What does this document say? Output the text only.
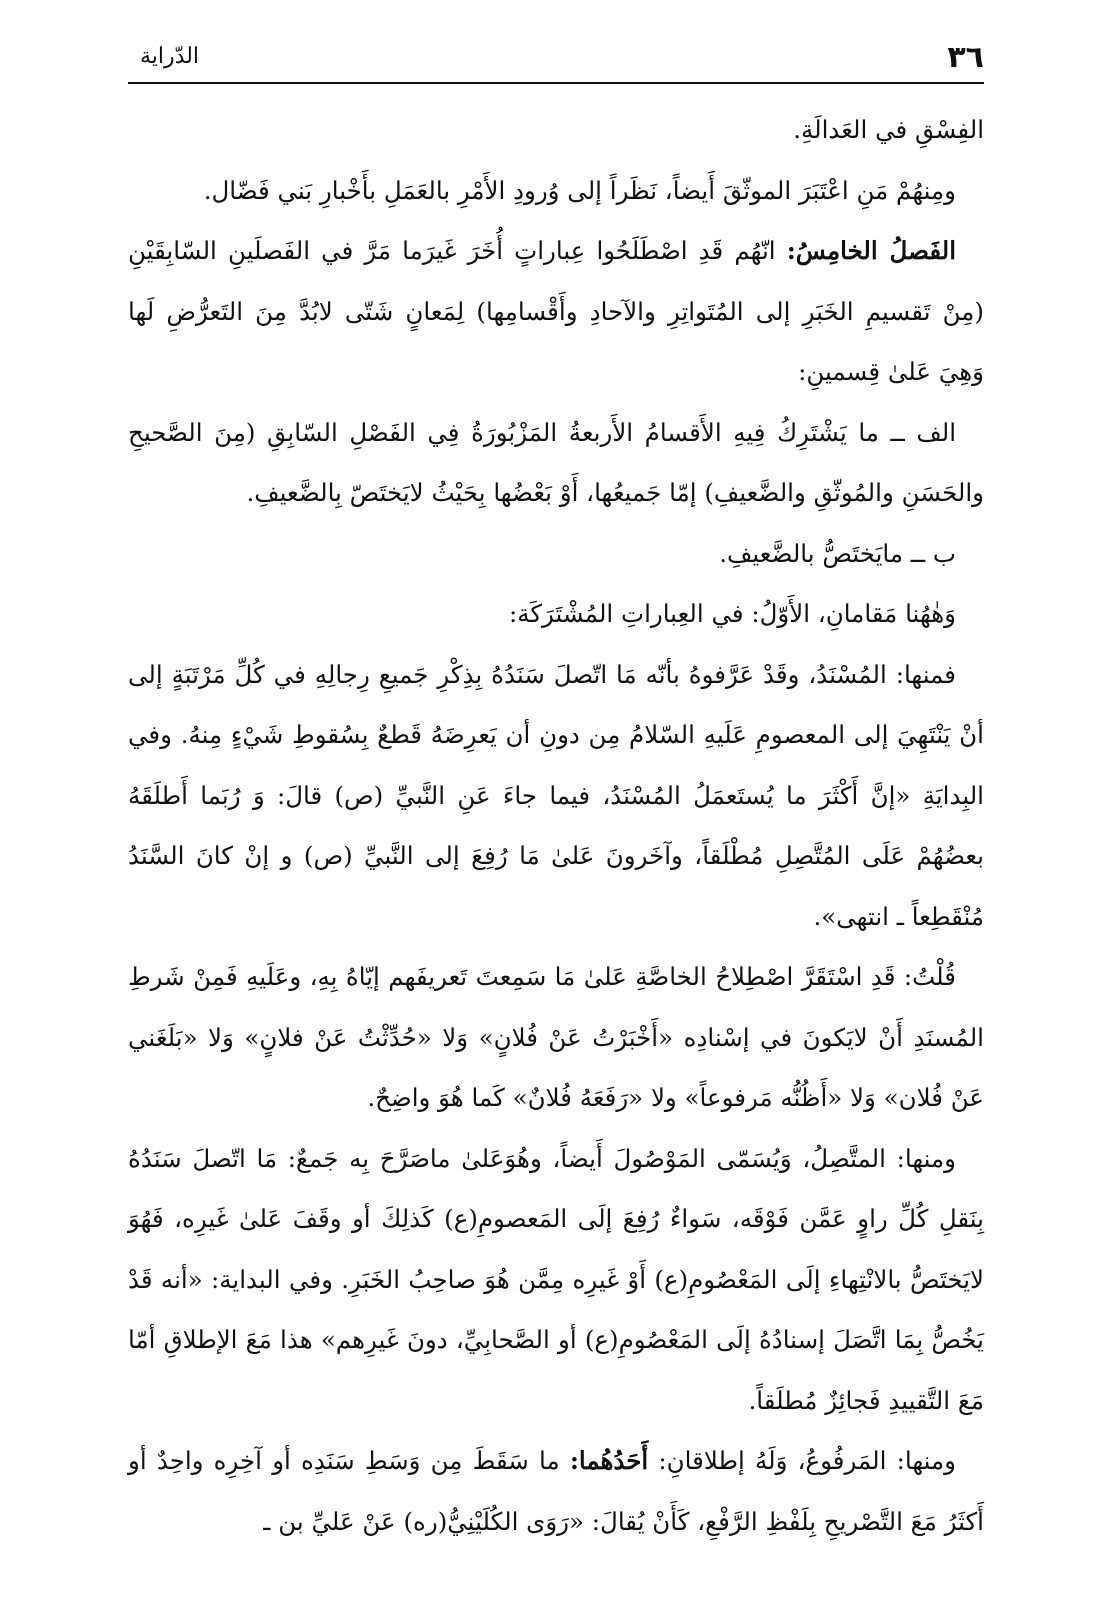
٣٦
الدّراية

الفِسْقِ في العَدالَةِ.

ومِنهُمْ مَنِ اعْتَبَرَ الموثّقَ أَيضاً، نَظَراً إلى وُرودِ الأَمْرِ بالعَمَلِ بأَخْبارِ بَني فَضّال.

الفَصلُ الخامِسُ: انّهُم قَدِ اصْطَلَحُوا عِباراتٍ أُخَرَ غَيرَما مَرَّ في الفَصلَينِ السّابِقَيْنِ (مِنْ تَقسيمِ الخَبَرِ إلى المُتَواتِرِ والآحادِ وأَقْسامِها) لِمَعانٍ شَتّى لابُدَّ مِنَ التَعرُّضِ لَها وَهِيَ عَلىٰ قِسمينِ:

الف ــ ما يَشْتَرِكُ فِيهِ الأَقسامُ الأَربعةُ المَزْبُورَةُ فِي الفَصْلِ السّابِقِ (مِنَ الصَّحيحِ والحَسَنِ والمُوثّقِ والضَّعيفِ) إمّا جَميعُها، أَوْ بَعْضُها بِحَيْثُ لايَختَصّ بِالضَّعيفِ.

ب ــ مايَختَصُّ بالضَّعيفِ.

وَهٰهُنا مَقامانِ، الأَوّلُ: في العِباراتِ المُشْتَرَكَة:

فمنها: المُسْنَدُ، وقَدْ عَرَّفوهُ بأنّه مَا اتّصلَ سَنَدُهُ بِذِكْرِ جَميعِ رِجالِهِ في كُلِّ مَرْتَبَةٍ إلى أنْ يَنْتَهِيَ إلى المعصومِ عَلَيهِ السّلامُ مِن دونِ أن يَعرِضَهُ قَطعٌ بِسُقوطِ شَيْءٍ مِنهُ. وفي البِدايَةِ «إنَّ أَكْثَرَ ما يُستَعمَلُ المُسْنَدُ، فيما جاءَ عَنِ النَّبيِّ (ص) قالَ: وَ رُبَما أَطلَقَهُ بعضُهُمْ عَلَى المُتَّصِلِ مُطْلَقاً، وآخَرونَ عَلىٰ مَا رُفِعَ إلى النَّبيِّ (ص) و إنْ كانَ السَّنَدُ مُنْقَطِعاً ـ انتهى».

قُلْتُ: قَدِ اسْتَقَرَّ اصْطِلاحُ الخاصَّةِ عَلىٰ مَا سَمِعتَ تَعريفَهم إيّاهُ بِهِ، وعَلَيهِ فَمِنْ شَرطِ المُسنَدِ أَنْ لايَكونَ في إسْنادِه «أَخْبَرْتُ عَنْ فُلانٍ» وَلا «حُدِّثْتُ عَنْ فلانٍ» وَلا «بَلَغَني عَنْ فُلان» وَلا «أَظُنُّه مَرفوعاً» ولا «رَفَعَهُ فُلانٌ» كَما هُوَ واضِحٌ.

ومنها: المتَّصِلُ، وَيُسَمّى المَوْصُولَ أَيضاً، وهُوَعَلىٰ ماصَرَّحَ بِه جَمعٌ: مَا اتّصلَ سَنَدُهُ بِنَقلِ كُلِّ راوٍ عَمَّن فَوْقَه، سَواءٌ رُفِعَ إلَى المَعصومِ(ع) كَذلِكَ أو وقَفَ عَلىٰ غَيرِه، فَهُوَ لايَختَصُّ بالانْتِهاءِ إلَى المَعْصُومِ(ع) أَوْ غَيرِه مِمَّن هُوَ صاحِبُ الخَبَرِ. وفي البداية: «أنه قَدْ يَخُصُّ بِمَا اتَّصَلَ إسنادُهُ إلَى المَعْصُومِ(ع) أو الصَّحابِيِّ، دونَ غَيرِهم» هذا مَعَ الإطلاقِ أمّا مَعَ التَّقييدِ فَجائِزٌ مُطلَقاً.

ومنها: المَرفُوعُ، وَلَهُ إطلاقانِ: أَحَدُهُما: ما سَقَطَ مِن وَسَطِ سَنَدِه أو آخِرِه واحِدٌ أو أَكثَرُ مَعَ التَّصْريحِ بِلَفْظِ الرَّفْعِ، كَأَنْ يُقالَ: «رَوَى الكُلَيْنِيُّ(ره) عَنْ عَليِّ بن ـ
